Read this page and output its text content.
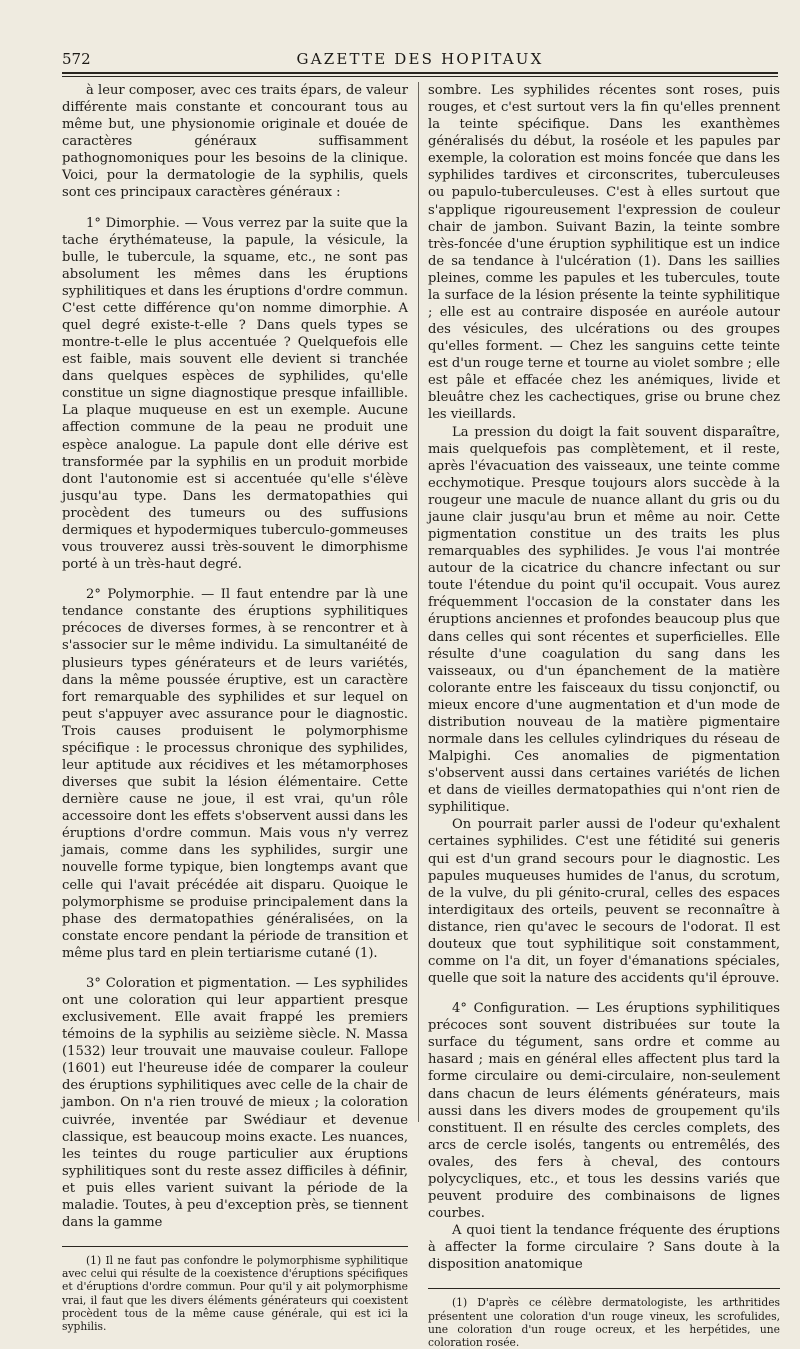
572	GAZETTE DES HOPITAUX

à leur composer, avec ces traits épars, de valeur différente mais constante et concourant tous au même but, une physionomie originale et douée de caractères généraux suffisamment pathognomoniques pour les besoins de la clinique. Voici, pour la dermatologie de la syphilis, quels sont ces principaux caractères généraux :

1° Dimorphie. — Vous verrez par la suite que la tache érythémateuse, la papule, la vésicule, la bulle, le tubercule, la squame, etc., ne sont pas absolument les mêmes dans les éruptions syphilitiques et dans les éruptions d'ordre commun. C'est cette différence qu'on nomme dimorphie. A quel degré existe-t-elle ? Dans quels types se montre-t-elle le plus accentuée ? Quelquefois elle est faible, mais souvent elle devient si tranchée dans quelques espèces de syphilides, qu'elle constitue un signe diagnostique presque infaillible. La plaque muqueuse en est un exemple. Aucune affection commune de la peau ne produit une espèce analogue. La papule dont elle dérive est transformée par la syphilis en un produit morbide dont l'autonomie est si accentuée qu'elle s'élève jusqu'au type. Dans les dermatopathies qui procèdent des tumeurs ou des suffusions dermiques et hypodermiques tuberculo-gommeuses vous trouverez aussi très-souvent le dimorphisme porté à un très-haut degré.

2° Polymorphie. — Il faut entendre par là une tendance constante des éruptions syphilitiques précoces de diverses formes, à se rencontrer et à s'associer sur le même individu. La simultanéité de plusieurs types générateurs et de leurs variétés, dans la même poussée éruptive, est un caractère fort remarquable des syphilides et sur lequel on peut s'appuyer avec assurance pour le diagnostic. Trois causes produisent le polymorphisme spécifique : le processus chronique des syphilides, leur aptitude aux récidives et les métamorphoses diverses que subit la lésion élémentaire. Cette dernière cause ne joue, il est vrai, qu'un rôle accessoire dont les effets s'observent aussi dans les éruptions d'ordre commun. Mais vous n'y verrez jamais, comme dans les syphilides, surgir une nouvelle forme typique, bien longtemps avant que celle qui l'avait précédée ait disparu. Quoique le polymorphisme se produise principalement dans la phase des dermatopathies généralisées, on la constate encore pendant la période de transition et même plus tard en plein tertiarisme cutané (1).

3° Coloration et pigmentation. — Les syphilides ont une coloration qui leur appartient presque exclusivement. Elle avait frappé les premiers témoins de la syphilis au seizième siècle. N. Massa (1532) leur trouvait une mauvaise couleur. Fallope (1601) eut l'heureuse idée de comparer la couleur des éruptions syphilitiques avec celle de la chair de jambon. On n'a rien trouvé de mieux ; la coloration cuivrée, inventée par Swédiaur et devenue classique, est beaucoup moins exacte. Les nuances, les teintes du rouge particulier aux éruptions syphilitiques sont du reste assez difficiles à définir, et puis elles varient suivant la période de la maladie. Toutes, à peu d'exception près, se tiennent dans la gamme

(1) Il ne faut pas confondre le polymorphisme syphilitique avec celui qui résulte de la coexistence d'éruptions spécifiques et d'éruptions d'ordre commun. Pour qu'il y ait polymorphisme vrai, il faut que les divers éléments générateurs qui coexistent procèdent tous de la même cause générale, qui est ici la syphilis.

sombre. Les syphilides récentes sont roses, puis rouges, et c'est surtout vers la fin qu'elles prennent la teinte spécifique. Dans les exanthèmes généralisés du début, la roséole et les papules par exemple, la coloration est moins foncée que dans les syphilides tardives et circonscrites, tuberculeuses ou papulo-tuberculeuses. C'est à elles surtout que s'applique rigoureusement l'expression de couleur chair de jambon. Suivant Bazin, la teinte sombre très-foncée d'une éruption syphilitique est un indice de sa tendance à l'ulcération (1). Dans les saillies pleines, comme les papules et les tubercules, toute la surface de la lésion présente la teinte syphilitique ; elle est au contraire disposée en auréole autour des vésicules, des ulcérations ou des groupes qu'elles forment. — Chez les sanguins cette teinte est d'un rouge terne et tourne au violet sombre ; elle est pâle et effacée chez les anémiques, livide et bleuâtre chez les cachectiques, grise ou brune chez les vieillards.

La pression du doigt la fait souvent disparaître, mais quelquefois pas complètement, et il reste, après l'évacuation des vaisseaux, une teinte comme ecchymotique. Presque toujours alors succède à la rougeur une macule de nuance allant du gris ou du jaune clair jusqu'au brun et même au noir. Cette pigmentation constitue un des traits les plus remarquables des syphilides. Je vous l'ai montrée autour de la cicatrice du chancre infectant ou sur toute l'étendue du point qu'il occupait. Vous aurez fréquemment l'occasion de la constater dans les éruptions anciennes et profondes beaucoup plus que dans celles qui sont récentes et superficielles. Elle résulte d'une coagulation du sang dans les vaisseaux, ou d'un épanchement de la matière colorante entre les faisceaux du tissu conjonctif, ou mieux encore d'une augmentation et d'un mode de distribution nouveau de la matière pigmentaire normale dans les cellules cylindriques du réseau de Malpighi. Ces anomalies de pigmentation s'observent aussi dans certaines variétés de lichen et dans de vieilles dermatopathies qui n'ont rien de syphilitique.

On pourrait parler aussi de l'odeur qu'exhalent certaines syphilides. C'est une fétidité sui generis qui est d'un grand secours pour le diagnostic. Les papules muqueuses humides de l'anus, du scrotum, de la vulve, du pli génito-crural, celles des espaces interdigitaux des orteils, peuvent se reconnaître à distance, rien qu'avec le secours de l'odorat. Il est douteux que tout syphilitique soit constamment, comme on l'a dit, un foyer d'émanations spéciales, quelle que soit la nature des accidents qu'il éprouve.

4° Configuration. — Les éruptions syphilitiques précoces sont souvent distribuées sur toute la surface du tégument, sans ordre et comme au hasard ; mais en général elles affectent plus tard la forme circulaire ou demi-circulaire, non-seulement dans chacun de leurs éléments générateurs, mais aussi dans les divers modes de groupement qu'ils constituent. Il en résulte des cercles complets, des arcs de cercle isolés, tangents ou entremêlés, des ovales, des fers à cheval, des contours polycycliques, etc., et tous les dessins variés que peuvent produire des combinaisons de lignes courbes.

A quoi tient la tendance fréquente des éruptions à affecter la forme circulaire ? Sans doute à la disposition anatomique

(1) D'après ce célèbre dermatologiste, les arthritides présentent une coloration d'un rouge vineux, les scrofulides, une coloration d'un rouge ocreux, et les herpétides, une coloration rosée.
